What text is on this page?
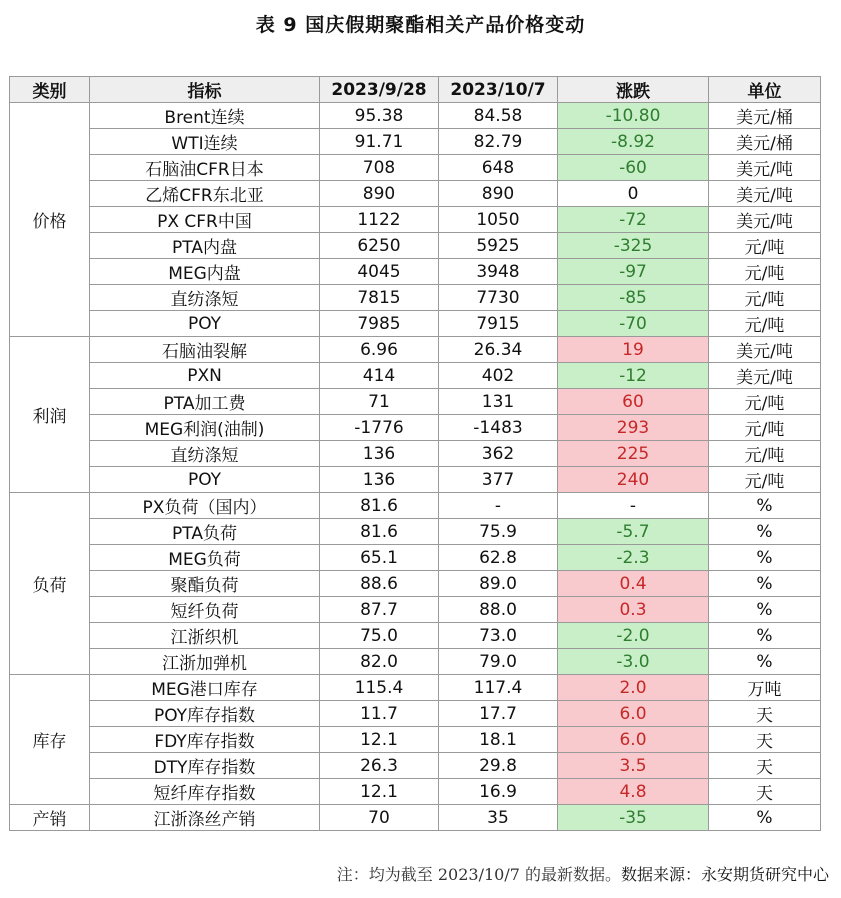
表 9 国庆假期聚酯相关产品价格变动
类别	指标	2023/9/28	2023/10/7	涨跌	单位
价格	Brent连续	95.38	84.58	-10.80	美元/桶
	WTI连续	91.71	82.79	-8.92	美元/桶
	石脑油CFR日本	708	648	-60	美元/吨
	乙烯CFR东北亚	890	890	0	美元/吨
	PX CFR中国	1122	1050	-72	美元/吨
	PTA内盘	6250	5925	-325	元/吨
	MEG内盘	4045	3948	-97	元/吨
	直纺涤短	7815	7730	-85	元/吨
	POY	7985	7915	-70	元/吨
利润	石脑油裂解	6.96	26.34	19	美元/吨
	PXN	414	402	-12	美元/吨
	PTA加工费	71	131	60	元/吨
	MEG利润(油制)	-1776	-1483	293	元/吨
	直纺涤短	136	362	225	元/吨
	POY	136	377	240	元/吨
负荷	PX负荷（国内）	81.6	-	-	%
	PTA负荷	81.6	75.9	-5.7	%
	MEG负荷	65.1	62.8	-2.3	%
	聚酯负荷	88.6	89.0	0.4	%
	短纤负荷	87.7	88.0	0.3	%
	江浙织机	75.0	73.0	-2.0	%
	江浙加弹机	82.0	79.0	-3.0	%
库存	MEG港口库存	115.4	117.4	2.0	万吨
	POY库存指数	11.7	17.7	6.0	天
	FDY库存指数	12.1	18.1	6.0	天
	DTY库存指数	26.3	29.8	3.5	天
	短纤库存指数	12.1	16.9	4.8	天
产销	江浙涤丝产销	70	35	-35	%
注：均为截至 2023/10/7 的最新数据。数据来源：永安期货研究中心
